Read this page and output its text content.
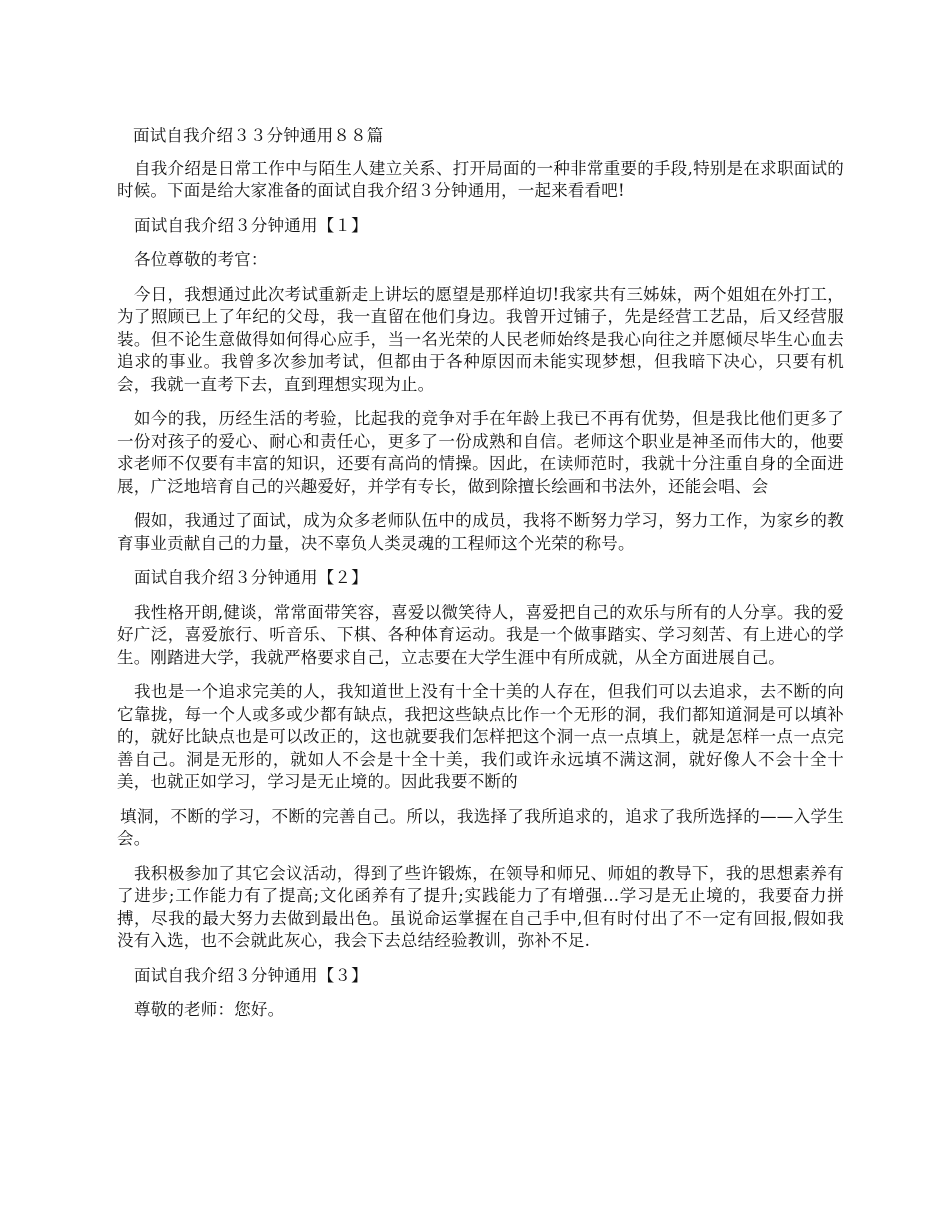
面试自我介绍３３分钟通用８８篇

自我介绍是日常工作中与陌生人建立关系、打开局面的一种非常重要的手段,特别是在求职面试的时候。下面是给大家准备的面试自我介绍３分钟通用，一起来看看吧!

面试自我介绍３分钟通用【１】

各位尊敬的考官：

今日，我想通过此次考试重新走上讲坛的愿望是那样迫切!我家共有三姊妹，两个姐姐在外打工，为了照顾已上了年纪的父母，我一直留在他们身边。我曾开过铺子，先是经营工艺品，后又经营服装。但不论生意做得如何得心应手，当一名光荣的人民老师始终是我心向往之并愿倾尽毕生心血去追求的事业。我曾多次参加考试，但都由于各种原因而未能实现梦想，但我暗下决心，只要有机会，我就一直考下去，直到理想实现为止。

如今的我，历经生活的考验，比起我的竞争对手在年龄上我已不再有优势，但是我比他们更多了一份对孩子的爱心、耐心和责任心，更多了一份成熟和自信。老师这个职业是神圣而伟大的，他要求老师不仅要有丰富的知识，还要有高尚的情操。因此，在读师范时，我就十分注重自身的全面进展，广泛地培育自己的兴趣爱好，并学有专长，做到除擅长绘画和书法外，还能会唱、会

假如，我通过了面试，成为众多老师队伍中的成员，我将不断努力学习，努力工作，为家乡的教育事业贡献自己的力量，决不辜负人类灵魂的工程师这个光荣的称号。

面试自我介绍３分钟通用【２】

我性格开朗,健谈，常常面带笑容，喜爱以微笑待人，喜爱把自己的欢乐与所有的人分享。我的爱好广泛，喜爱旅行、听音乐、下棋、各种体育运动。我是一个做事踏实、学习刻苦、有上进心的学生。刚踏进大学，我就严格要求自己，立志要在大学生涯中有所成就，从全方面进展自己。

我也是一个追求完美的人，我知道世上没有十全十美的人存在，但我们可以去追求，去不断的向它靠拢，每一个人或多或少都有缺点，我把这些缺点比作一个无形的洞，我们都知道洞是可以填补的，就好比缺点也是可以改正的，这也就要我们怎样把这个洞一点一点填上，就是怎样一点一点完善自己。洞是无形的，就如人不会是十全十美，我们或许永远填不满这洞，就好像人不会十全十美，也就正如学习，学习是无止境的。因此我要不断的

填洞，不断的学习，不断的完善自己。所以，我选择了我所追求的，追求了我所选择的——入学生会。

我积极参加了其它会议活动，得到了些许锻炼，在领导和师兄、师姐的教导下，我的思想素养有了进步;工作能力有了提高;文化函养有了提升;实践能力了有增强...学习是无止境的，我要奋力拼搏，尽我的最大努力去做到最出色。虽说命运掌握在自己手中,但有时付出了不一定有回报,假如我没有入选，也不会就此灰心，我会下去总结经验教训，弥补不足.

面试自我介绍３分钟通用【３】

尊敬的老师：您好。
